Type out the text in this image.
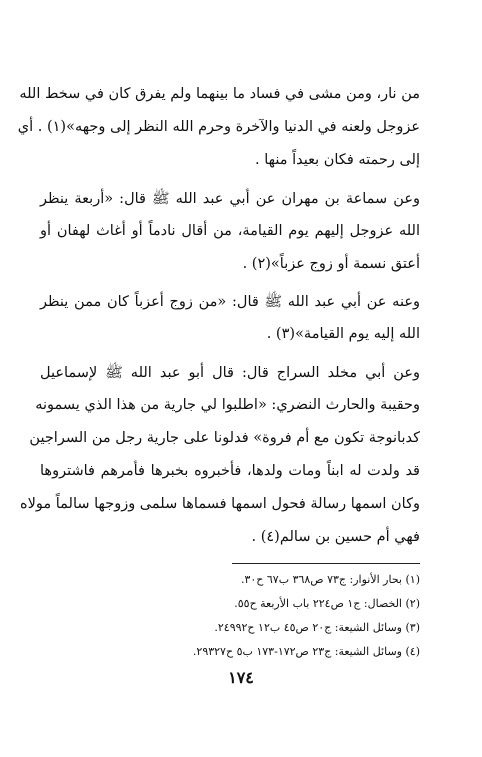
من نار، ومن مشى في فساد ما بينهما ولم يفرق كان في سخط الله
عزوجل ولعنه في الدنيا والآخرة وحرم الله النظر إلى وجهه»(١) . أي
إلى رحمته فكان بعيداً منها .
وعن سماعة بن مهران عن أبي عبد الله ﷺ قال: «أربعة ينظر
الله عزوجل إليهم يوم القيامة، من أقال نادماً أو أغاث لهفان أو
أعتق نسمة أو زوج عزباً»(٢) .
وعنه عن أبي عبد الله ﷺ قال: «من زوج أعزباً كان ممن ينظر
الله إليه يوم القيامة»(٣) .
وعن أبي مخلد السراج قال: قال أبو عبد الله ﷺ لإسماعيل
وحقيبة والحارث النضري: «اطلبوا لي جارية من هذا الذي يسمونه
كدبانوجة تكون مع أم فروة» فدلونا على جارية رجل من السراجين
قد ولدت له ابناً ومات ولدها، فأخبروه بخبرها فأمرهم فاشتروها
وكان اسمها رسالة فحول اسمها فسماها سلمى وزوجها سالماً مولاه
فهي أم حسين بن سالم(٤) .
(١) بحار الأنوار: ج٧٣ ص٣٦٨ ب٦٧ ح٣٠.
(٢) الخصال: ج١ ص٢٢٤ باب الأربعة ح٥٥.
(٣) وسائل الشيعة: ج٢٠ ص٤٥ ب١٢ ح٢٤٩٩٢.
(٤) وسائل الشيعة: ج٢٣ ص١٧٢-١٧٣ ب٥ ح٢٩٣٢٧.
١٧٤
